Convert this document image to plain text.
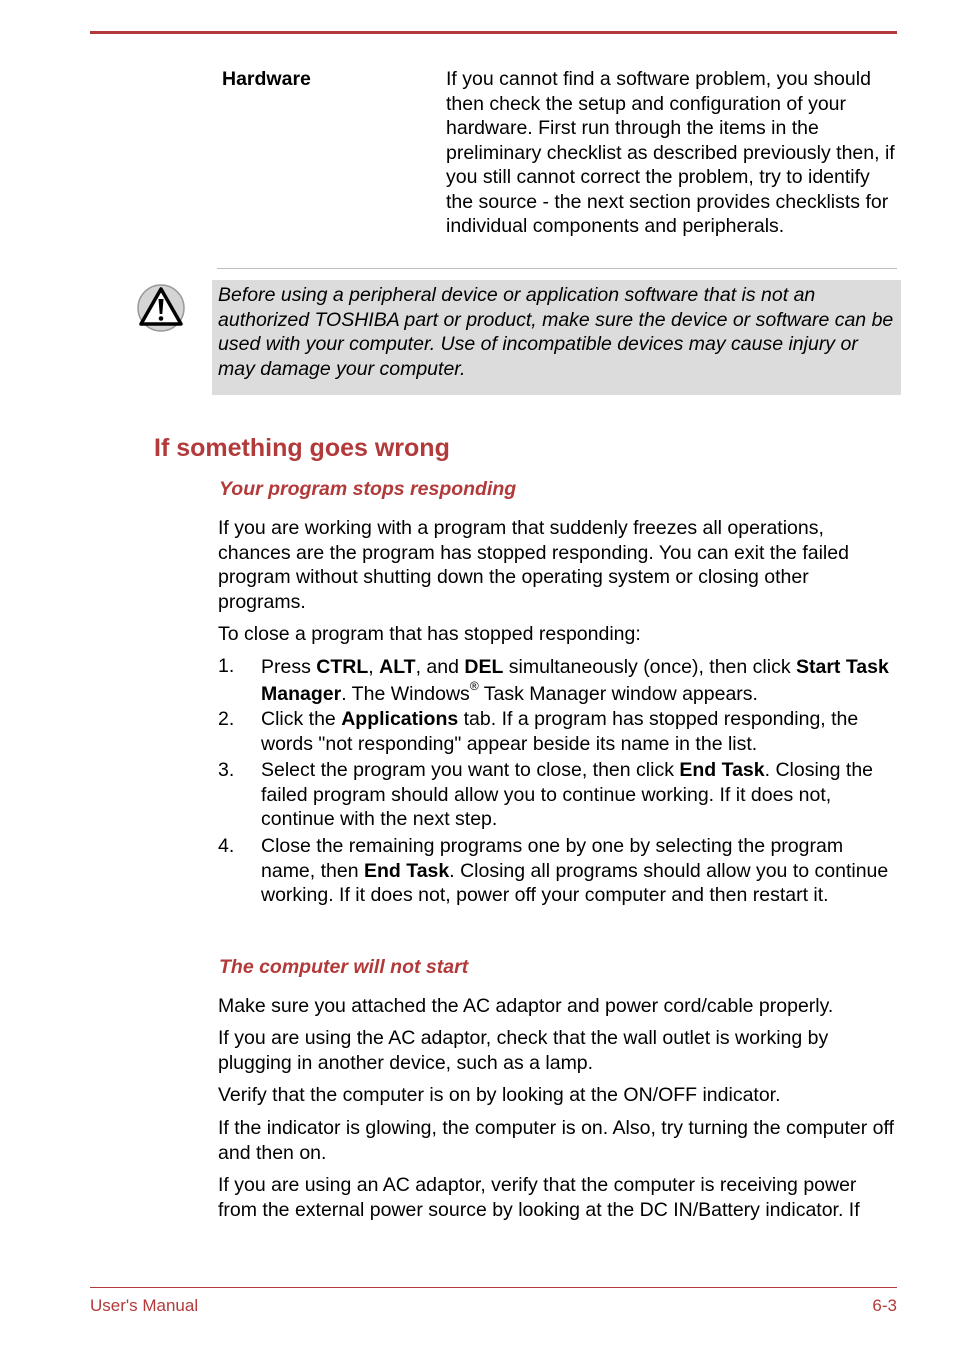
Hardware	If you cannot find a software problem, you should then check the setup and configuration of your hardware. First run through the items in the preliminary checklist as described previously then, if you still cannot correct the problem, try to identify the source - the next section provides checklists for individual components and peripherals.
Before using a peripheral device or application software that is not an authorized TOSHIBA part or product, make sure the device or software can be used with your computer. Use of incompatible devices may cause injury or may damage your computer.
If something goes wrong
Your program stops responding

If you are working with a program that suddenly freezes all operations, chances are the program has stopped responding. You can exit the failed program without shutting down the operating system or closing other programs.

To close a program that has stopped responding:

1. Press CTRL, ALT, and DEL simultaneously (once), then click Start Task Manager. The Windows® Task Manager window appears.
2. Click the Applications tab. If a program has stopped responding, the words "not responding" appear beside its name in the list.
3. Select the program you want to close, then click End Task. Closing the failed program should allow you to continue working. If it does not, continue with the next step.
4. Close the remaining programs one by one by selecting the program name, then End Task. Closing all programs should allow you to continue working. If it does not, power off your computer and then restart it.
The computer will not start

Make sure you attached the AC adaptor and power cord/cable properly.

If you are using the AC adaptor, check that the wall outlet is working by plugging in another device, such as a lamp.

Verify that the computer is on by looking at the ON/OFF indicator.

If the indicator is glowing, the computer is on. Also, try turning the computer off and then on.

If you are using an AC adaptor, verify that the computer is receiving power from the external power source by looking at the DC IN/Battery indicator. If

User's Manual	6-3
